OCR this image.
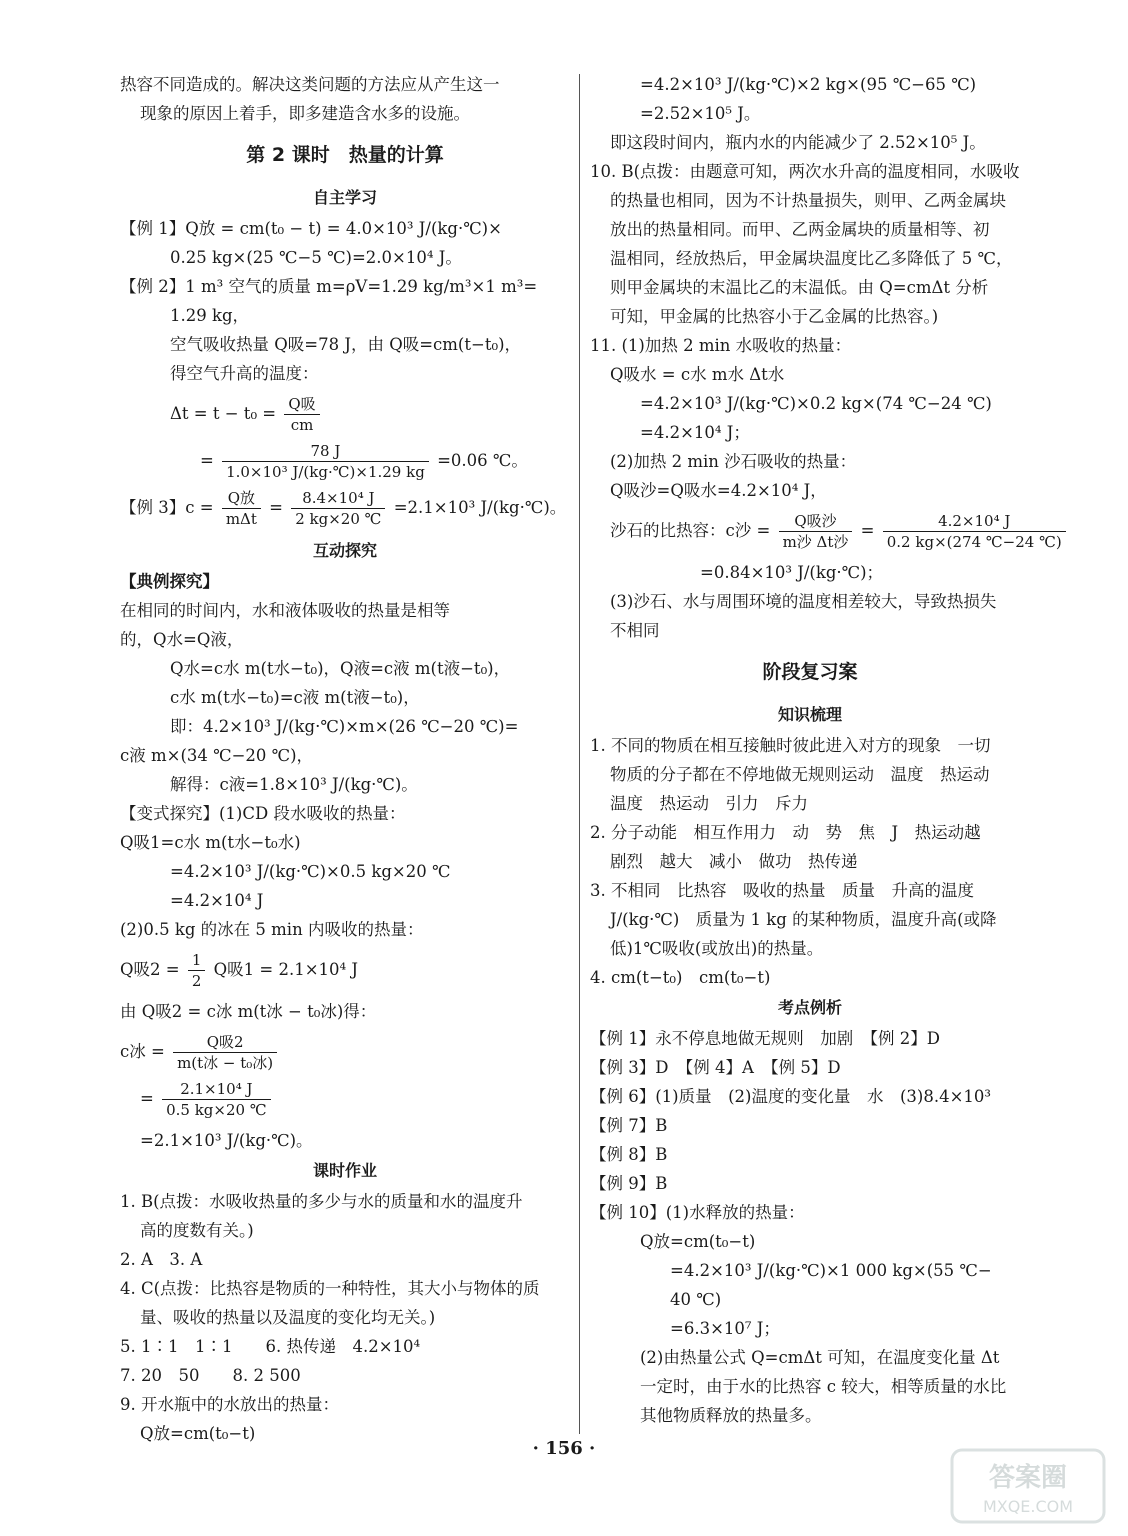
热容不同造成的。解决这类问题的方法应从产生这一
现象的原因上着手，即多建造含水多的设施。
第 2 课时　热量的计算
自主学习
【例 1】Q放 = cm(t₀ − t) = 4.0×10³ J/(kg·℃)×
0.25 kg×(25 ℃−5 ℃)=2.0×10⁴ J。
【例 2】1 m³ 空气的质量 m=ρV=1.29 kg/m³×1 m³=
1.29 kg，
空气吸收热量 Q吸=78 J，由 Q吸=cm(t−t₀)，
得空气升高的温度：
$\Delta t = t - t_0 = \frac{\text{Q吸}}{cm}$
= $\frac{78 J}{\text{1.0×10³ J/(kg·℃)×1.29 kg}} =0.06$ ℃。
【例 3】$c = \frac{\text{Q放}}{\text{mΔt}} = \frac{\text{8.4×10⁴ J}}{2 kg\times 20 ℃} =2.1\times 10^3$ J/(kg·℃)。
互动探究
【典例探究】
在相同的时间内，水和液体吸收的热量是相等
的，Q水=Q液，
Q水=c水 m(t水−t₀)，Q液=c液 m(t液−t₀)，
c水 m(t水−t₀)=c液 m(t液−t₀)，
即：4.2×10³ J/(kg·℃)×m×(26 ℃−20 ℃)=
c液 m×(34 ℃−20 ℃)，
解得：c液=1.8×10³ J/(kg·℃)。
【变式探究】(1)CD 段水吸收的热量：
Q吸1=c水 m(t水−t₀水)
=4.2×10³ J/(kg·℃)×0.5 kg×20 ℃
=4.2×10⁴ J
(2)0.5 kg 的冰在 5 min 内吸收的热量：
Q吸$2 = \frac{1}{2}$ Q吸1 = 2.1×10⁴ J
由 Q吸2 = c冰 m(t冰 − t₀冰)得：
c冰 = $\frac{\text{Q吸2}}{\text{m(t冰 − t₀冰)}}$
= $\frac{\text{2.1×10⁴ J}}{0.5 kg\times 20 ℃}$
=2.1×10³ J/(kg·℃)。
课时作业
1. B(点拨：水吸收热量的多少与水的质量和水的温度升
高的度数有关。)
2. A　3. A
4. C(点拨：比热容是物质的一种特性，其大小与物体的质
量、吸收的热量以及温度的变化均无关。)
5. 1∶1　1∶1　　6. 热传递　4.2×10⁴
7. 20　50　　8. 2 500
9. 开水瓶中的水放出的热量：
Q放=cm(t₀−t)
=4.2×10³ J/(kg·℃)×2 kg×(95 ℃−65 ℃)
=2.52×10⁵ J。
即这段时间内，瓶内水的内能减少了 2.52×10⁵ J。
10. B(点拨：由题意可知，两次水升高的温度相同，水吸收
的热量也相同，因为不计热量损失，则甲、乙两金属块
放出的热量相同。而甲、乙两金属块的质量相等、初
温相同，经放热后，甲金属块温度比乙多降低了 5 ℃，
则甲金属块的末温比乙的末温低。由 Q=cmΔt 分析
可知，甲金属的比热容小于乙金属的比热容。)
11. (1)加热 2 min 水吸收的热量：
Q吸水 = c水 m水 Δt水
=4.2×10³ J/(kg·℃)×0.2 kg×(74 ℃−24 ℃)
=4.2×10⁴ J；
(2)加热 2 min 沙石吸收的热量：
Q吸沙=Q吸水=4.2×10⁴ J，
沙石的比热容：c沙 = $\frac{\text{Q吸沙}}{\text{m沙 Δt沙}} = \frac{\text{4.2×10⁴ J}}{0.2 kg\times(274 ℃-24 ℃)}$
=0.84×10³ J/(kg·℃)；
(3)沙石、水与周围环境的温度相差较大，导致热损失
不相同
阶段复习案
知识梳理
1. 不同的物质在相互接触时彼此进入对方的现象　一切
物质的分子都在不停地做无规则运动　温度　热运动
温度　热运动　引力　斥力
2. 分子动能　相互作用力　动　势　焦　J　热运动越
剧烈　越大　减小　做功　热传递
3. 不相同　比热容　吸收的热量　质量　升高的温度
J/(kg·℃)　质量为 1 kg 的某种物质，温度升高(或降
低)1℃吸收(或放出)的热量。
4. cm(t−t₀)　cm(t₀−t)
考点例析
【例 1】永不停息地做无规则　加剧　【例 2】D
【例 3】D　【例 4】A　【例 5】D
【例 6】(1)质量　(2)温度的变化量　水　(3)8.4×10³
【例 7】B
【例 8】B
【例 9】B
【例 10】(1)水释放的热量：
Q放=cm(t₀−t)
=4.2×10³ J/(kg·℃)×1 000 kg×(55 ℃−
40 ℃)
=6.3×10⁷ J；
(2)由热量公式 Q=cmΔt 可知，在温度变化量 Δt
一定时，由于水的比热容 c 较大，相等质量的水比
其他物质释放的热量多。
· 156 ·
答案圈
MXQE.COM
